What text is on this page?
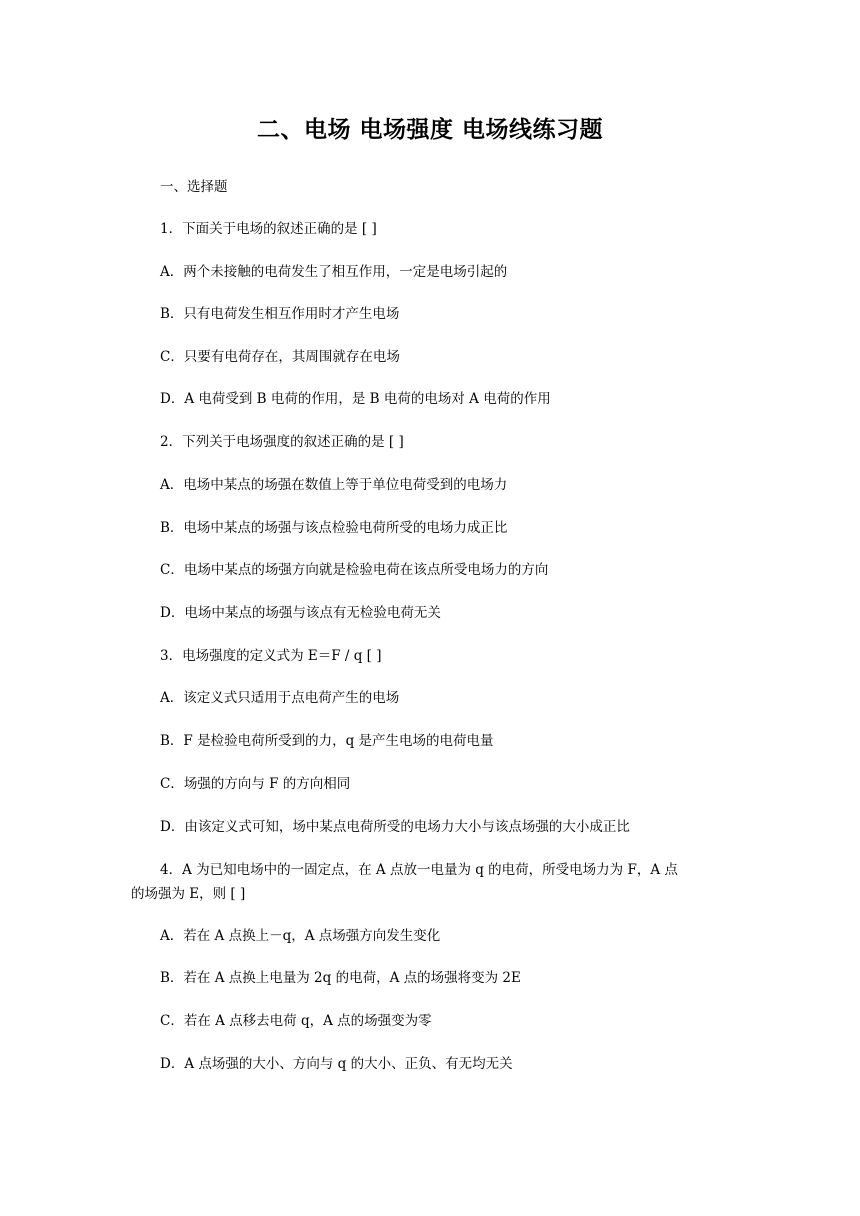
二、电场 电场强度 电场线练习题

一、选择题

1．下面关于电场的叙述正确的是 [ ]

A．两个未接触的电荷发生了相互作用，一定是电场引起的

B．只有电荷发生相互作用时才产生电场

C．只要有电荷存在，其周围就存在电场

D．A 电荷受到 B 电荷的作用，是 B 电荷的电场对 A 电荷的作用

2．下列关于电场强度的叙述正确的是 [ ]

A．电场中某点的场强在数值上等于单位电荷受到的电场力

B．电场中某点的场强与该点检验电荷所受的电场力成正比

C．电场中某点的场强方向就是检验电荷在该点所受电场力的方向

D．电场中某点的场强与该点有无检验电荷无关

3．电场强度的定义式为 E＝F / q [ ]

A．该定义式只适用于点电荷产生的电场

B．F 是检验电荷所受到的力，q 是产生电场的电荷电量

C．场强的方向与 F 的方向相同

D．由该定义式可知，场中某点电荷所受的电场力大小与该点场强的大小成正比

4．A 为已知电场中的一固定点，在 A 点放一电量为 q 的电荷，所受电场力为 F，A 点

的场强为 E，则 [ ]

A．若在 A 点换上－q，A 点场强方向发生变化

B．若在 A 点换上电量为 2q 的电荷，A 点的场强将变为 2E

C．若在 A 点移去电荷 q，A 点的场强变为零

D．A 点场强的大小、方向与 q 的大小、正负、有无均无关
